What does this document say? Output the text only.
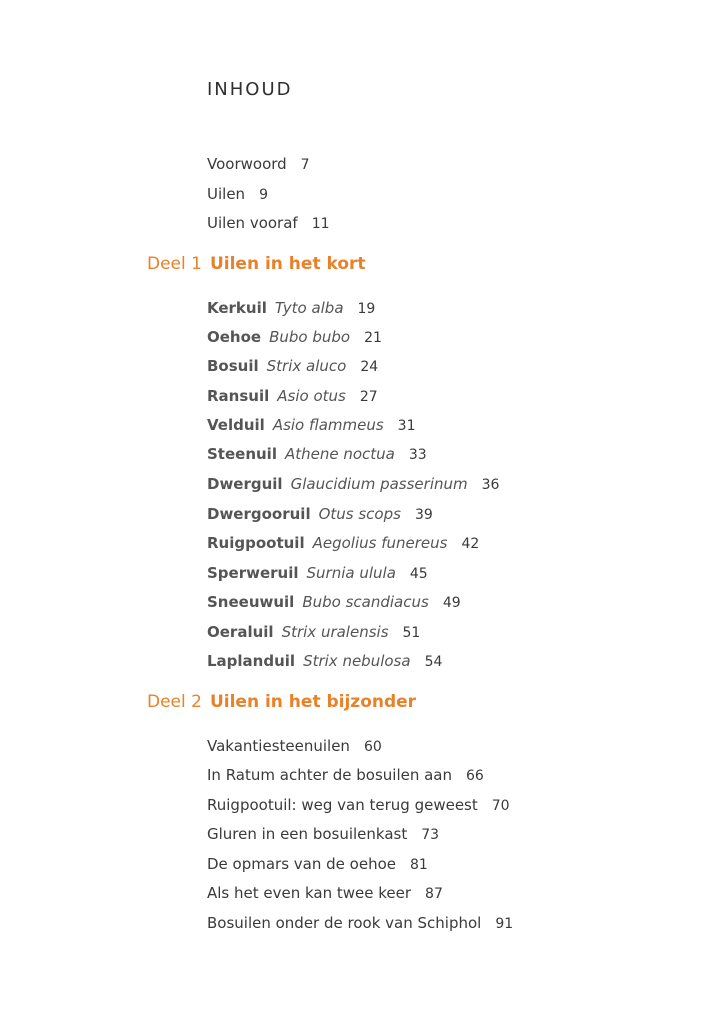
INHOUD
Voorwoord 7
Uilen 9
Uilen vooraf 11
Deel 1 Uilen in het kort
Kerkuil Tyto alba 19
Oehoe Bubo bubo 21
Bosuil Strix aluco 24
Ransuil Asio otus 27
Velduil Asio flammeus 31
Steenuil Athene noctua 33
Dwerguil Glaucidium passerinum 36
Dwergooruil Otus scops 39
Ruigpootuil Aegolius funereus 42
Sperweruil Surnia ulula 45
Sneeuwuil Bubo scandiacus 49
Oeraluil Strix uralensis 51
Laplanduil Strix nebulosa 54
Deel 2 Uilen in het bijzonder
Vakantiesteenuilen 60
In Ratum achter de bosuilen aan 66
Ruigpootuil: weg van terug geweest 70
Gluren in een bosuilenkast 73
De opmars van de oehoe 81
Als het even kan twee keer 87
Bosuilen onder de rook van Schiphol 91
